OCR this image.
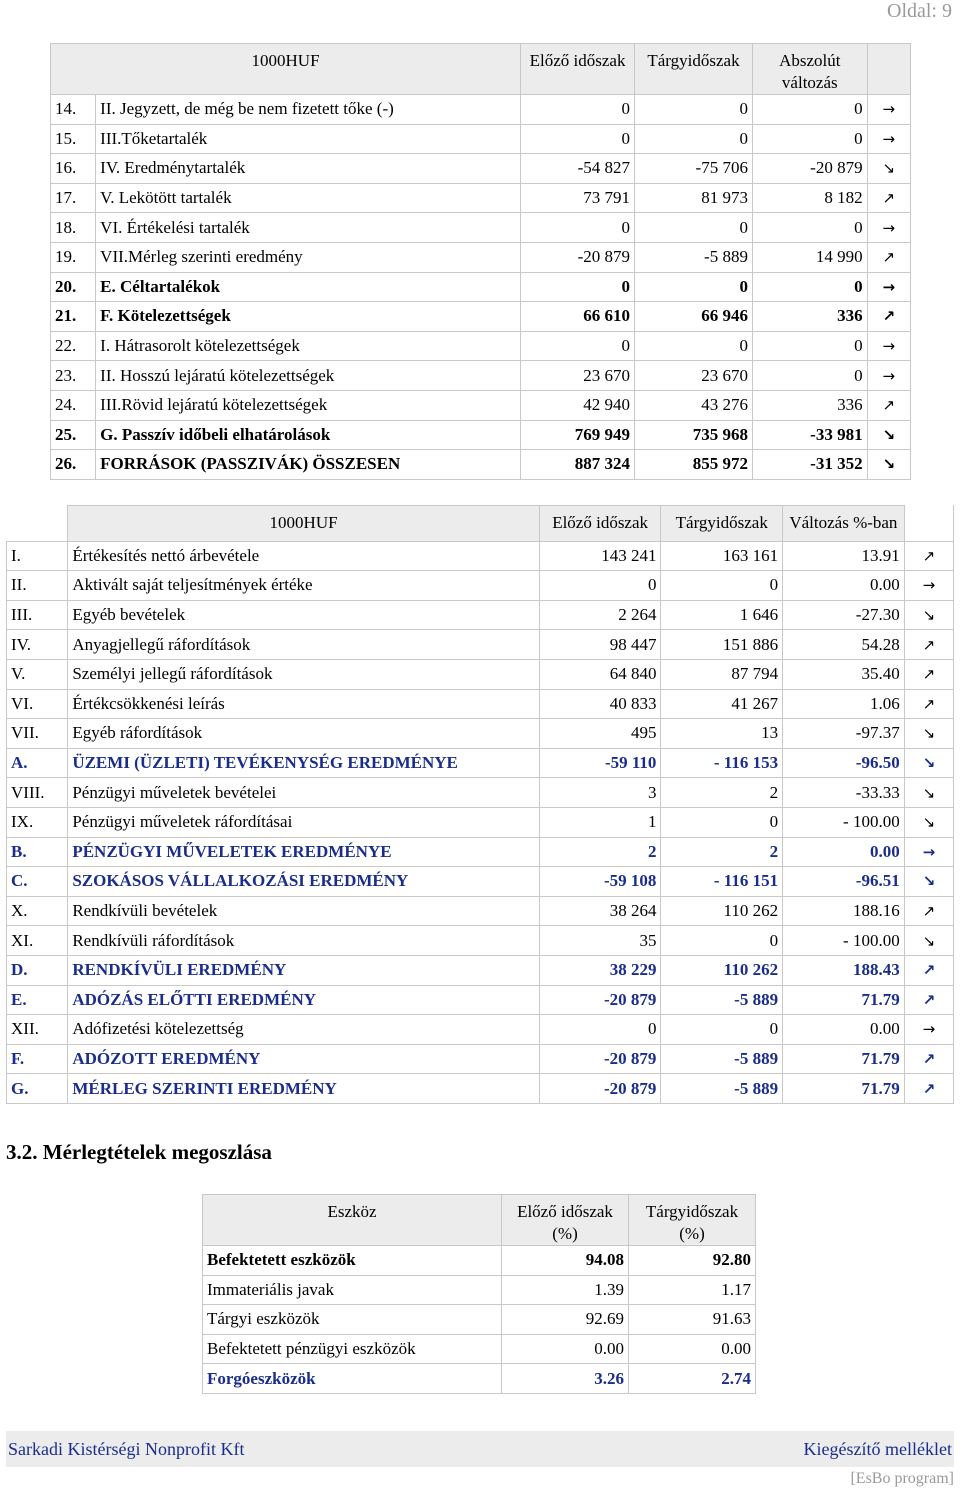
Oldal: 9
1000HUF		Előző időszak	Tárgyidőszak	Abszolút változás	
14.	II. Jegyzett, de még be nem fizetett tőke (-)	0	0	0	→
15.	III.Tőketartalék	0	0	0	→
16.	IV. Eredménytartalék	-54 827	-75 706	-20 879	↘
17.	V. Lekötött tartalék	73 791	81 973	8 182	↗
18.	VI. Értékelési tartalék	0	0	0	→
19.	VII.Mérleg szerinti eredmény	-20 879	-5 889	14 990	↗
20.	E. Céltartalékok	0	0	0	→
21.	F. Kötelezettségek	66 610	66 946	336	↗
22.	I. Hátrasorolt kötelezettségek	0	0	0	→
23.	II. Hosszú lejáratú kötelezettségek	23 670	23 670	0	→
24.	III.Rövid lejáratú kötelezettségek	42 940	43 276	336	↗
25.	G. Passzív időbeli elhatárolások	769 949	735 968	-33 981	↘
26.	FORRÁSOK (PASSZIVÁK) ÖSSZESEN	887 324	855 972	-31 352	↘
	1000HUF	Előző időszak	Tárgyidőszak	Változás %-ban	
I.	Értékesítés nettó árbevétele	143 241	163 161	13.91	↗
II.	Aktivált saját teljesítmények értéke	0	0	0.00	→
III.	Egyéb bevételek	2 264	1 646	-27.30	↘
IV.	Anyagjellegű ráfordítások	98 447	151 886	54.28	↗
V.	Személyi jellegű ráfordítások	64 840	87 794	35.40	↗
VI.	Értékcsökkenési leírás	40 833	41 267	1.06	↗
VII.	Egyéb ráfordítások	495	13	-97.37	↘
A.	ÜZEMI (ÜZLETI) TEVÉKENYSÉG EREDMÉNYE	-59 110	- 116 153	-96.50	↘
VIII.	Pénzügyi műveletek bevételei	3	2	-33.33	↘
IX.	Pénzügyi műveletek ráfordításai	1	0	- 100.00	↘
B.	PÉNZÜGYI MŰVELETEK EREDMÉNYE	2	2	0.00	→
C.	SZOKÁSOS VÁLLALKOZÁSI EREDMÉNY	-59 108	- 116 151	-96.51	↘
X.	Rendkívüli bevételek	38 264	110 262	188.16	↗
XI.	Rendkívüli ráfordítások	35	0	- 100.00	↘
D.	RENDKÍVÜLI EREDMÉNY	38 229	110 262	188.43	↗
E.	ADÓZÁS ELŐTTI EREDMÉNY	-20 879	-5 889	71.79	↗
XII.	Adófizetési kötelezettség	0	0	0.00	→
F.	ADÓZOTT EREDMÉNY	-20 879	-5 889	71.79	↗
G.	MÉRLEG SZERINTI EREDMÉNY	-20 879	-5 889	71.79	↗
3.2. Mérlegtételek megoszlása
Eszköz	Előző időszak (%)	Tárgyidőszak (%)
Befektetett eszközök	94.08	92.80
Immateriális javak	1.39	1.17
Tárgyi eszközök	92.69	91.63
Befektetett pénzügyi eszközök	0.00	0.00
Forgóeszközök	3.26	2.74
Sarkadi Kistérségi Nonprofit Kft	Kiegészítő melléklet
[EsBo program]
